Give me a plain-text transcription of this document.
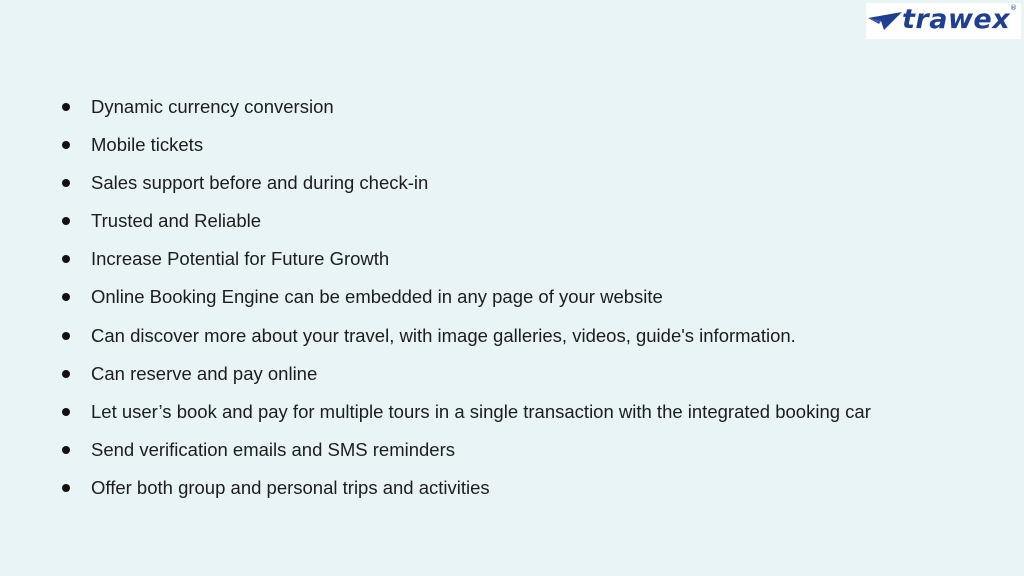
trawex ®
Dynamic currency conversion
Mobile tickets
Sales support before and during check-in
Trusted and Reliable
Increase Potential for Future Growth
Online Booking Engine can be embedded in any page of your website
Can discover more about your travel, with image galleries, videos, guide's information.
Can reserve and pay online
Let user’s book and pay for multiple tours in a single transaction with the integrated booking car
Send verification emails and SMS reminders
Offer both group and personal trips and activities
